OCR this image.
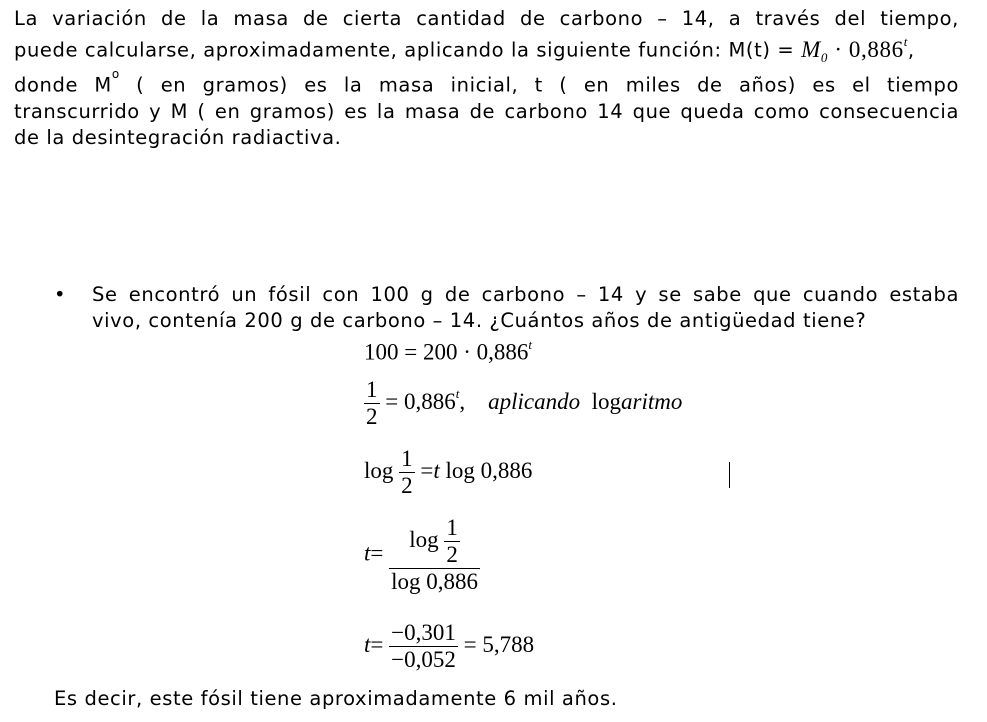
La variación de la masa de cierta cantidad de carbono – 14, a través del tiempo,
puede calcularse, aproximadamente, aplicando la siguiente función: $M(t) = M_0 \cdot 0,886^t$,
donde $M^o$ ( en gramos) es la masa inicial, t ( en miles de años) es el tiempo
transcurrido y M ( en gramos) es la masa de carbono 14 que queda como consecuencia
de la desintegración radiactiva.
• Se encontró un fósil con 100 g de carbono – 14 y se sabe que cuando estaba
vivo, contenía 200 g de carbono – 14. ¿Cuántos años de antigüedad tiene?
$100 = 200 \cdot 0,886^t$
$\frac{1}{2} = 0,886^t$, aplicando logaritmo
$\log \frac{1}{2} =t$ log 0,886
$t= \frac{\log \frac{1}{2}}{\log 0,886}$
$t= \frac{-0,301}{-0,052} = 5,788$
Es decir, este fósil tiene aproximadamente 6 mil años.
